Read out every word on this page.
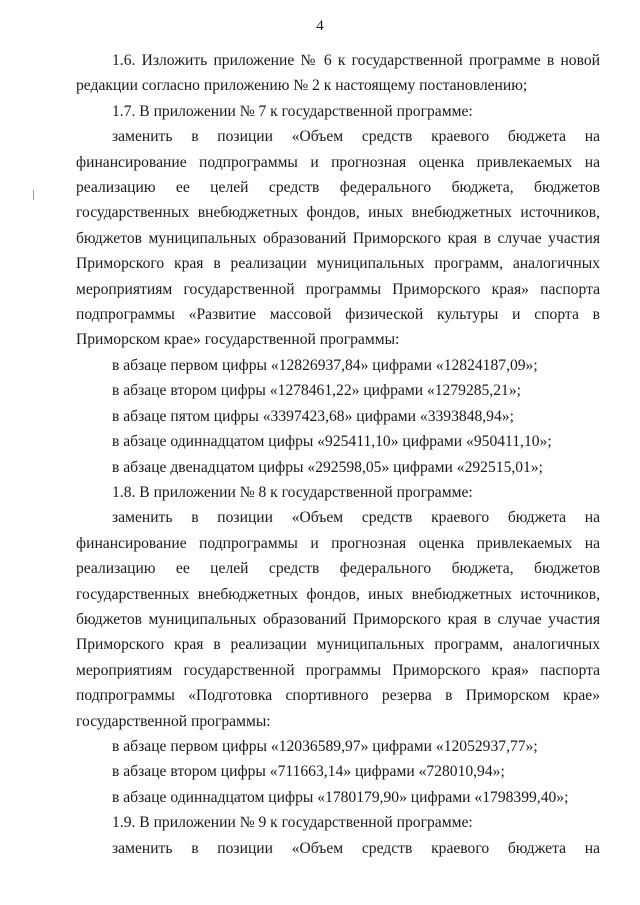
4

1.6. Изложить приложение № 6 к государственной программе в новой редакции согласно приложению № 2 к настоящему постановлению;

1.7. В приложении № 7 к государственной программе:

заменить в позиции «Объем средств краевого бюджета на финансирование подпрограммы и прогнозная оценка привлекаемых на реализацию ее целей средств федерального бюджета, бюджетов государственных внебюджетных фондов, иных внебюджетных источников, бюджетов муниципальных образований Приморского края в случае участия Приморского края в реализации муниципальных программ, аналогичных мероприятиям государственной программы Приморского края» паспорта подпрограммы «Развитие массовой физической культуры и спорта в Приморском крае» государственной программы:

в абзаце первом цифры «12826937,84» цифрами «12824187,09»;

в абзаце втором цифры «1278461,22» цифрами «1279285,21»;

в абзаце пятом цифры «3397423,68» цифрами «3393848,94»;

в абзаце одиннадцатом цифры «925411,10» цифрами «950411,10»;

в абзаце двенадцатом цифры «292598,05» цифрами «292515,01»;

1.8. В приложении № 8 к государственной программе:

заменить в позиции «Объем средств краевого бюджета на финансирование подпрограммы и прогнозная оценка привлекаемых на реализацию ее целей средств федерального бюджета, бюджетов государственных внебюджетных фондов, иных внебюджетных источников, бюджетов муниципальных образований Приморского края в случае участия Приморского края в реализации муниципальных программ, аналогичных мероприятиям государственной программы Приморского края» паспорта подпрограммы «Подготовка спортивного резерва в Приморском крае» государственной программы:

в абзаце первом цифры «12036589,97» цифрами «12052937,77»;

в абзаце втором цифры «711663,14» цифрами «728010,94»;

в абзаце одиннадцатом цифры «1780179,90» цифрами «1798399,40»;

1.9. В приложении № 9 к государственной программе:

заменить в позиции «Объем средств краевого бюджета на
